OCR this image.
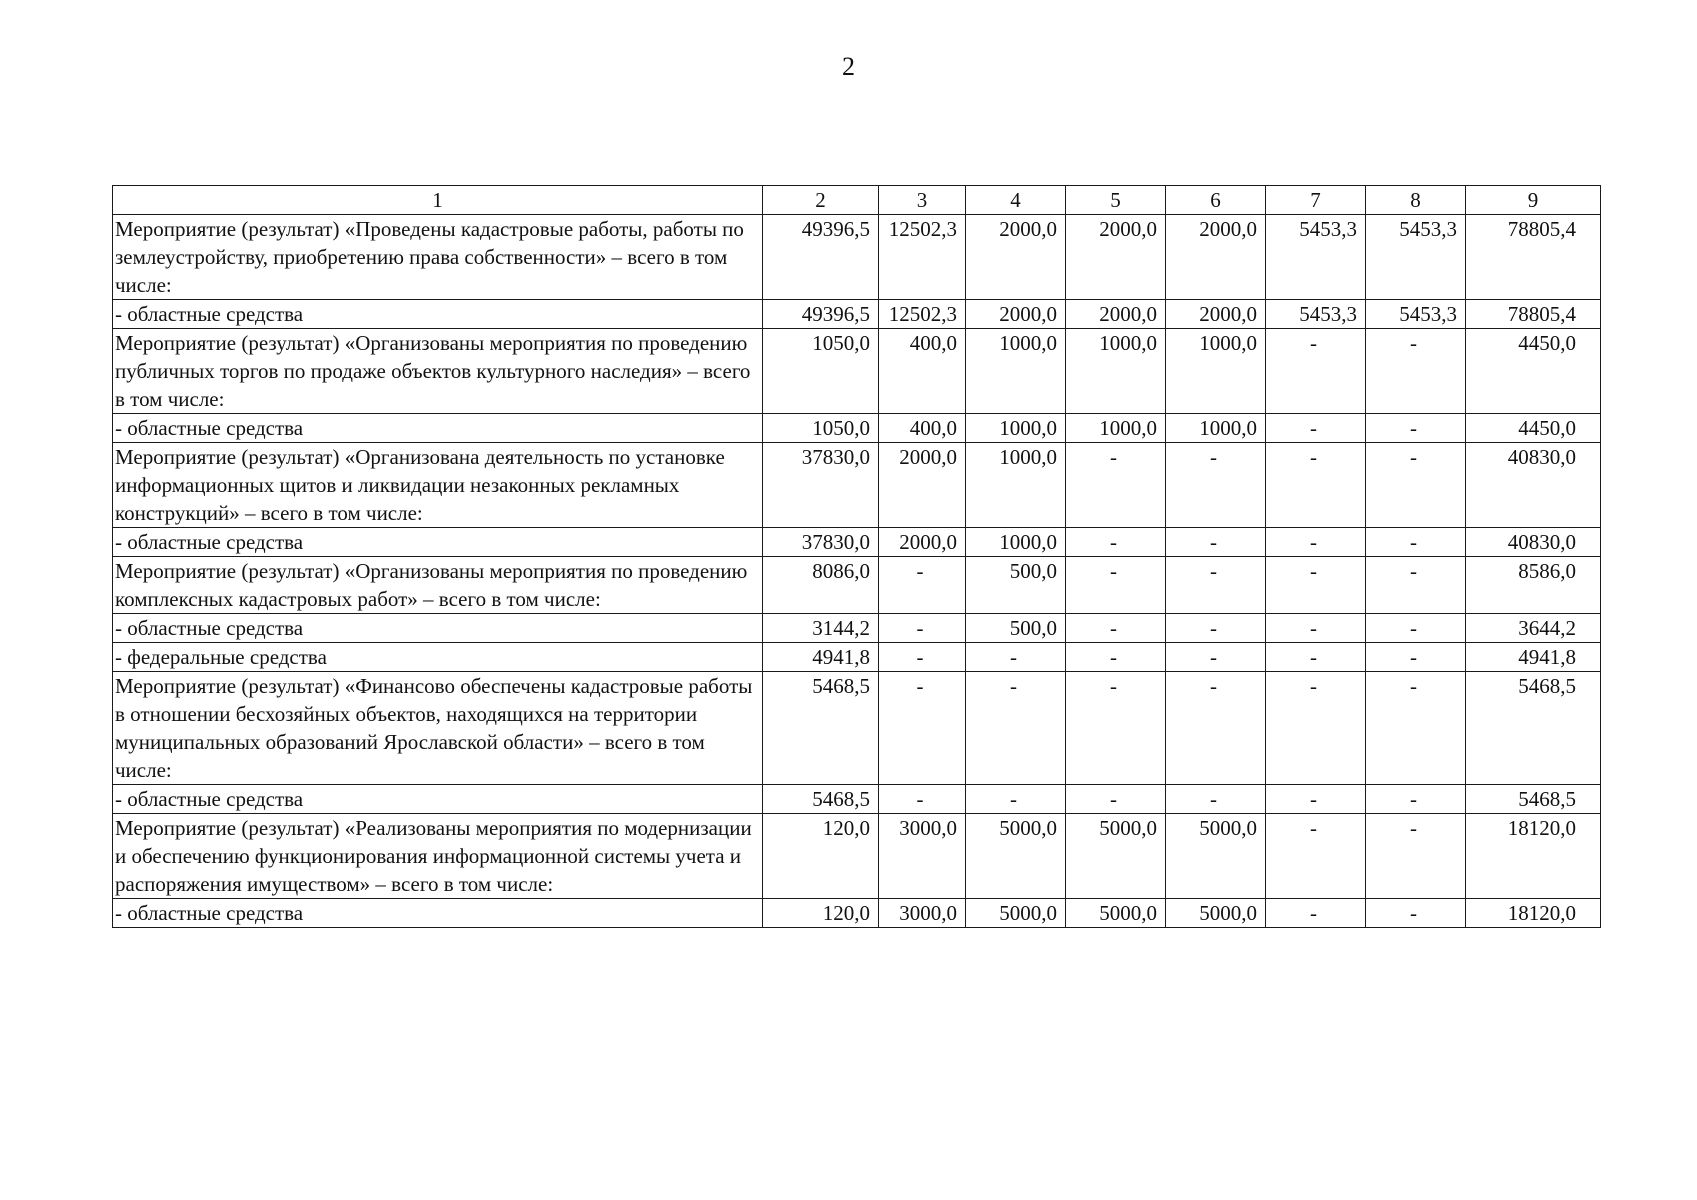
2
1	2	3	4	5	6	7	8	9
Мероприятие (результат) «Проведены кадастровые работы, работы по землеустройству, приобретению права собственности» – всего в том числе:	49396,5	12502,3	2000,0	2000,0	2000,0	5453,3	5453,3	78805,4
- областные средства	49396,5	12502,3	2000,0	2000,0	2000,0	5453,3	5453,3	78805,4
Мероприятие (результат) «Организованы мероприятия по проведению публичных торгов по продаже объектов культурного наследия» – всего в том числе:	1050,0	400,0	1000,0	1000,0	1000,0	-	-	4450,0
- областные средства	1050,0	400,0	1000,0	1000,0	1000,0	-	-	4450,0
Мероприятие (результат) «Организована деятельность по установке информационных щитов и ликвидации незаконных рекламных конструкций» – всего в том числе:	37830,0	2000,0	1000,0	-	-	-	-	40830,0
- областные средства	37830,0	2000,0	1000,0	-	-	-	-	40830,0
Мероприятие (результат) «Организованы мероприятия по проведению комплексных кадастровых работ» – всего в том числе:	8086,0	-	500,0	-	-	-	-	8586,0
- областные средства	3144,2	-	500,0	-	-	-	-	3644,2
- федеральные средства	4941,8	-	-	-	-	-	-	4941,8
Мероприятие (результат) «Финансово обеспечены кадастровые работы в отношении бесхозяйных объектов, находящихся на территории муниципальных образований Ярославской области» – всего в том числе:	5468,5	-	-	-	-	-	-	5468,5
- областные средства	5468,5	-	-	-	-	-	-	5468,5
Мероприятие (результат) «Реализованы мероприятия по модернизации и обеспечению функционирования информационной системы учета и распоряжения имуществом» – всего в том числе:	120,0	3000,0	5000,0	5000,0	5000,0	-	-	18120,0
- областные средства	120,0	3000,0	5000,0	5000,0	5000,0	-	-	18120,0
